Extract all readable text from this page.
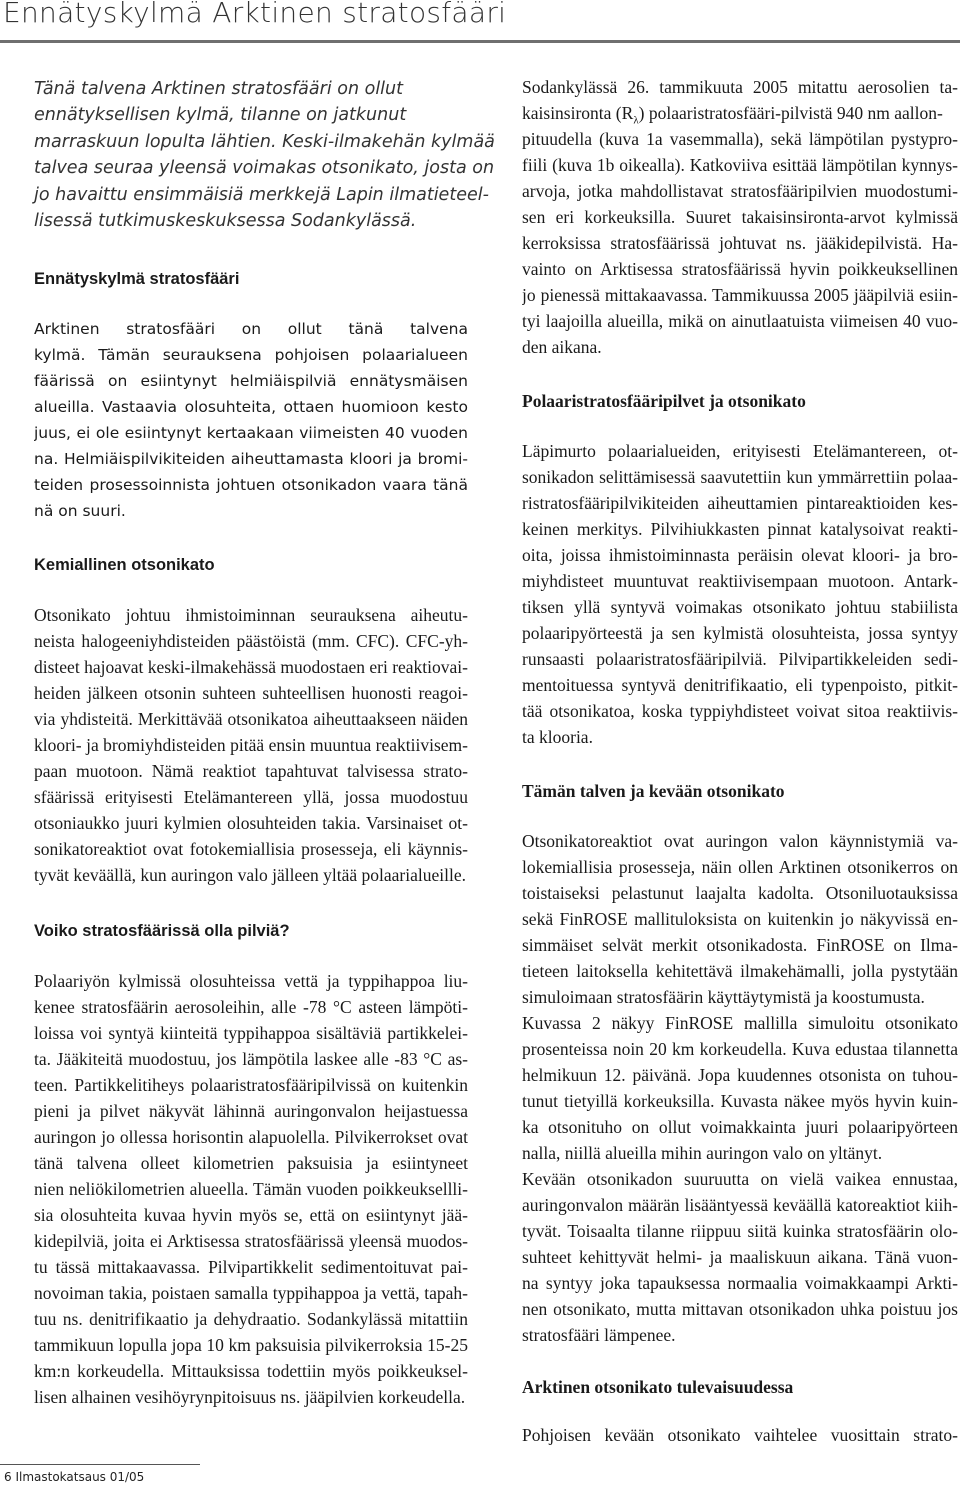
Ennätyskylmä Arktinen stratosfääri
Tänä talvena Arktinen stratosfääri on ollut
ennätyksellisen kylmä, tilanne on jatkunut
marraskuun lopulta lähtien. Keski-ilmakehän kylmää
talvea seuraa yleensä voimakas otsonikato, josta on
jo havaittu ensimmäisiä merkkejä Lapin ilmatieteel-
lisessä tutkimuskeskuksessa Sodankylässä.
Ennätyskylmä stratosfääri
Arktinen stratosfääri on ollut tänä talvena
kylmä. Tämän seurauksena pohjoisen polaarialueen
fäärissä on esiintynyt helmiäispilviä ennätysmäisen
alueilla. Vastaavia olosuhteita, ottaen huomioon kesto
juus, ei ole esiintynyt kertaakaan viimeisten 40 vuoden
na. Helmiäispilvikiteiden aiheuttamasta kloori ja bromi-
teiden prosessoinnista johtuen otsonikadon vaara tänä
nä on suuri.
Kemiallinen otsonikato
Otsonikato johtuu ihmistoiminnan seurauksena aiheutu-
neista halogeeniyhdisteiden päästöistä (mm. CFC). CFC-yh-
disteet hajoavat keski-ilmakehässä muodostaen eri reaktiovai-
heiden jälkeen otsonin suhteen suhteellisen huonosti reagoi-
via yhdisteitä. Merkittävää otsonikatoa aiheuttaakseen näiden
kloori- ja bromiyhdisteiden pitää ensin muuntua reaktiivisem-
paan muotoon. Nämä reaktiot tapahtuvat talvisessa strato-
sfäärissä erityisesti Etelämantereen yllä, jossa muodostuu
otsoniaukko juuri kylmien olosuhteiden takia. Varsinaiset ot-
sonikatoreaktiot ovat fotokemiallisia prosesseja, eli käynnis-
tyvät keväällä, kun auringon valo jälleen yltää polaarialueille.
Voiko stratosfäärissä olla pilviä?
Polaariyön kylmissä olosuhteissa vettä ja typpihappoa liu-
kenee stratosfäärin aerosoleihin, alle -78 °C asteen lämpöti-
loissa voi syntyä kiinteitä typpihappoa sisältäviä partikkelei-
ta. Jääkiteitä muodostuu, jos lämpötila laskee alle -83 °C as-
teen. Partikkelitiheys polaaristratosfääripilvissä on kuitenkin
pieni ja pilvet näkyvät lähinnä auringonvalon heijastuessa
auringon jo ollessa horisontin alapuolella. Pilvikerrokset ovat
tänä talvena olleet kilometrien paksuisia ja esiintyneet
nien neliökilometrien alueella. Tämän vuoden poikkeuksellli-
sia olosuhteita kuvaa hyvin myös se, että on esiintynyt jää-
kidepilviä, joita ei Arktisessa stratosfäärissä yleensä muodos-
tu tässä mittakaavassa. Pilvipartikkelit sedimentoituvat pai-
novoiman takia, poistaen samalla typpihappoa ja vettä, tapah-
tuu ns. denitrifikaatio ja dehydraatio. Sodankylässä mitattiin
tammikuun lopulla jopa 10 km paksuisia pilvikerroksia 15-25
km:n korkeudella. Mittauksissa todettiin myös poikkeuksel-
lisen alhainen vesihöyrynpitoisuus ns. jääpilvien korkeudella.
Sodankylässä 26. tammikuuta 2005 mitattu aerosolien ta-
kaisinsironta $(R_\lambda)$ polaaristratosfääri-pilvistä 940 nm aallon-
pituudella (kuva 1a vasemmalla), sekä lämpötilan pystypro-
fiili (kuva 1b oikealla). Katkoviiva esittää lämpötilan kynnys-
arvoja, jotka mahdollistavat stratosfääripilvien muodostumi-
sen eri korkeuksilla. Suuret takaisinsironta-arvot kylmissä
kerroksissa stratosfäärissä johtuvat ns. jääkidepilvistä. Ha-
vainto on Arktisessa stratosfäärissä hyvin poikkeuksellinen
jo pienessä mittakaavassa. Tammikuussa 2005 jääpilviä esiin-
tyi laajoilla alueilla, mikä on ainutlaatuista viimeisen 40 vuo-
den aikana.
Polaaristratosfääripilvet ja otsonikato
Läpimurto polaarialueiden, erityisesti Etelämantereen, ot-
sonikadon selittämisessä saavutettiin kun ymmärrettiin polaa-
ristratosfääripilvikiteiden aiheuttamien pintareaktioiden kes-
keinen merkitys. Pilvihiukkasten pinnat katalysoivat reakti-
oita, joissa ihmistoiminnasta peräisin olevat kloori- ja bro-
miyhdisteet muuntuvat reaktiivisempaan muotoon. Antark-
tiksen yllä syntyvä voimakas otsonikato johtuu stabiilista
polaaripyörteestä ja sen kylmistä olosuhteista, jossa syntyy
runsaasti polaaristratosfääripilviä. Pilvipartikkeleiden sedi-
mentoituessa syntyvä denitrifikaatio, eli typenpoisto, pitkit-
tää otsonikatoa, koska typpiyhdisteet voivat sitoa reaktiivis-
ta klooria.
Tämän talven ja kevään otsonikato
Otsonikatoreaktiot ovat auringon valon käynnistymiä va-
lokemiallisia prosesseja, näin ollen Arktinen otsonikerros on
toistaiseksi pelastunut laajalta kadolta. Otsoniluotauksissa
sekä FinROSE mallituloksista on kuitenkin jo näkyvissä en-
simmäiset selvät merkit otsonikadosta. FinROSE on Ilma-
tieteen laitoksella kehitettävä ilmakehämalli, jolla pystytään
simuloimaan stratosfäärin käyttäytymistä ja koostumusta.
Kuvassa 2 näkyy FinROSE mallilla simuloitu otsonikato
prosenteissa noin 20 km korkeudella. Kuva edustaa tilannetta
helmikuun 12. päivänä. Jopa kuudennes otsonista on tuhou-
tunut tietyillä korkeuksilla. Kuvasta näkee myös hyvin kuin-
ka otsonituho on ollut voimakkainta juuri polaaripyörteen
nalla, niillä alueilla mihin auringon valo on yltänyt.
Kevään otsonikadon suuruutta on vielä vaikea ennustaa,
auringonvalon määrän lisääntyessä keväällä katoreaktiot kiih-
tyvät. Toisaalta tilanne riippuu siitä kuinka stratosfäärin olo-
suhteet kehittyvät helmi- ja maaliskuun aikana. Tänä vuon-
na syntyy joka tapauksessa normaalia voimakkaampi Arkti-
nen otsonikato, mutta mittavan otsonikadon uhka poistuu jos
stratosfääri lämpenee.
Arktinen otsonikato tulevaisuudessa
Pohjoisen kevään otsonikato vaihtelee vuosittain strato-
6 Ilmastokatsaus 01/05
